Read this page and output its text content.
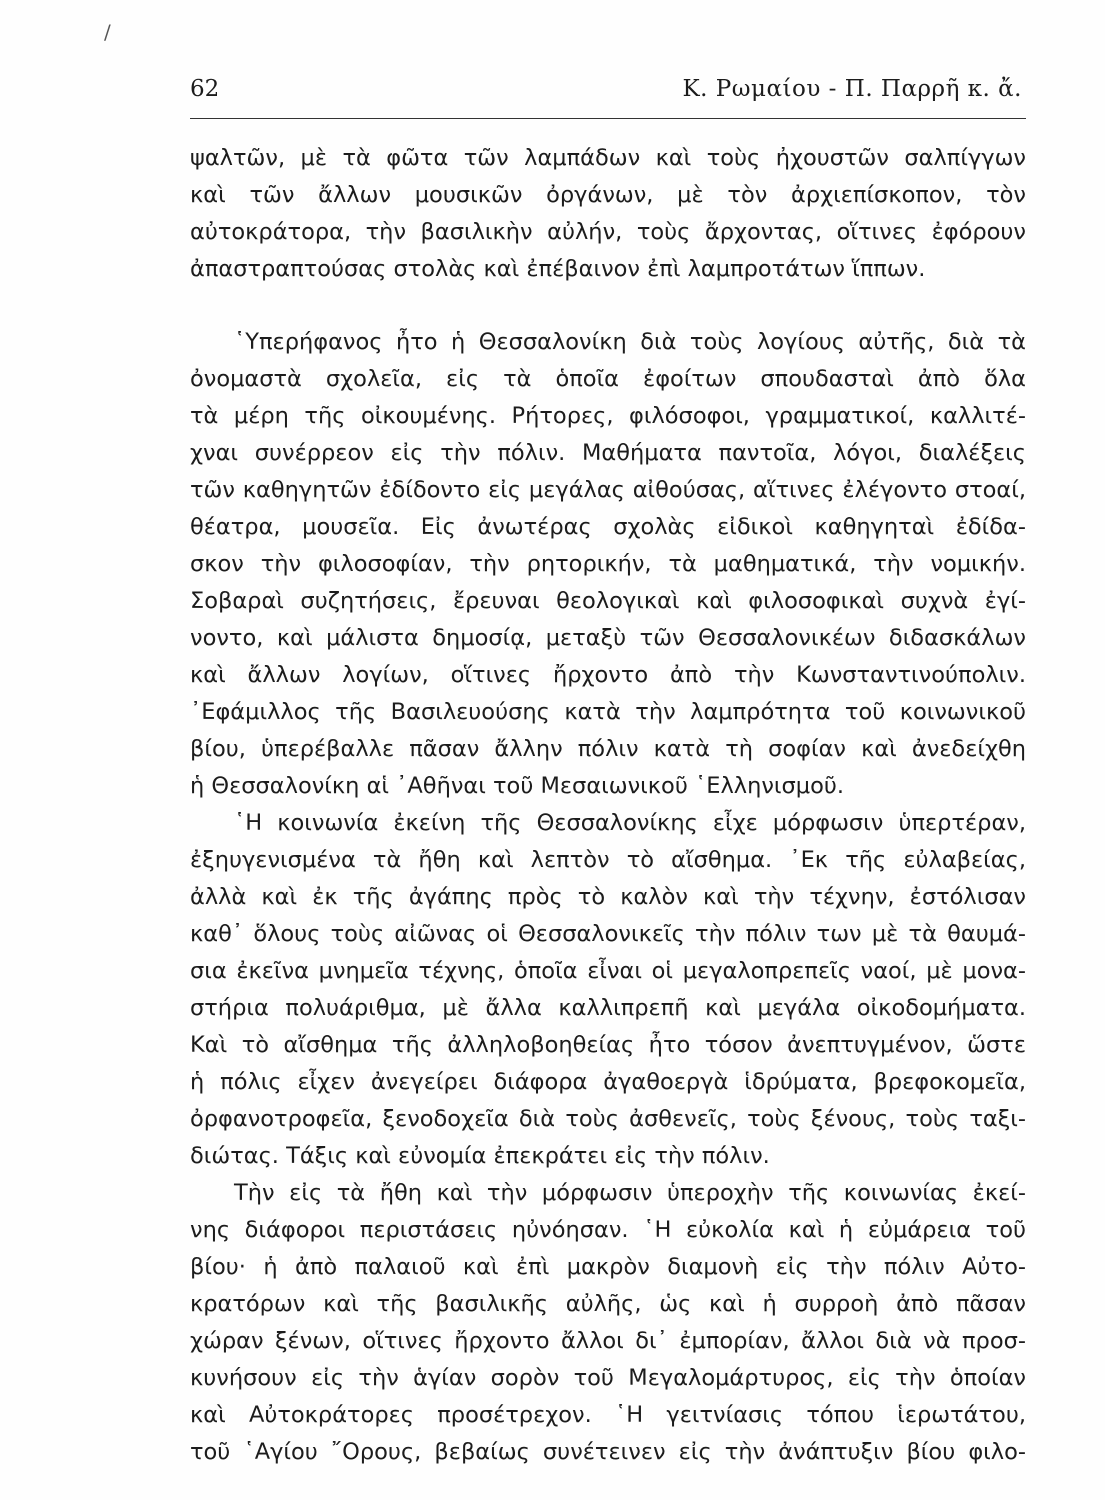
/
62	Κ. Ρωμαίου - Π. Παρρῆ κ. ἄ.
ψαλτῶν, μὲ τὰ φῶτα τῶν λαμπάδων καὶ τοὺς ἠχουστῶν σαλπίγγων
καὶ τῶν ἄλλων μουσικῶν ὀργάνων, μὲ τὸν ἀρχιεπίσκοπον, τὸν
αὐτοκράτορα, τὴν βασιλικὴν αὐλήν, τοὺς ἄρχοντας, οἵτινες ἐφόρουν
ἀπαστραπτούσας στολὰς καὶ ἐπέβαινον ἐπὶ λαμπροτάτων ἵππων.
῾Υπερήφανος ἦτο ἡ Θεσσαλονίκη διὰ τοὺς λογίους αὐτῆς, διὰ τὰ
ὀνομαστὰ σχολεῖα, εἰς τὰ ὁποῖα ἐφοίτων σπουδασταὶ ἀπὸ ὅλα
τὰ μέρη τῆς οἰκουμένης. Ρήτορες, φιλόσοφοι, γραμματικοί, καλλιτέ-
χναι συνέρρεον εἰς τὴν πόλιν. Μαθήματα παντοῖα, λόγοι, διαλέξεις
τῶν καθηγητῶν ἐδίδοντο εἰς μεγάλας αἰθούσας, αἵτινες ἐλέγοντο στοαί,
θέατρα, μουσεῖα. Εἰς ἀνωτέρας σχολὰς εἰδικοὶ καθηγηταὶ ἐδίδα-
σκον τὴν φιλοσοφίαν, τὴν ρητορικήν, τὰ μαθηματικά, τὴν νομικήν.
Σοβαραὶ συζητήσεις, ἔρευναι θεολογικαὶ καὶ φιλοσοφικαὶ συχνὰ ἐγί-
νοντο, καὶ μάλιστα δημοσίᾳ, μεταξὺ τῶν Θεσσαλονικέων διδασκάλων
καὶ ἄλλων λογίων, οἵτινες ἤρχοντο ἀπὸ τὴν Κωνσταντινούπολιν.
᾽Εφάμιλλος τῆς Βασιλευούσης κατὰ τὴν λαμπρότητα τοῦ κοινωνικοῦ
βίου, ὑπερέβαλλε πᾶσαν ἄλλην πόλιν κατὰ τὴ σοφίαν καὶ ἀνεδείχθη
ἡ Θεσσαλονίκη αἱ ᾽Αθῆναι τοῦ Μεσαιωνικοῦ ῾Ελληνισμοῦ.
῾Η κοινωνία ἐκείνη τῆς Θεσσαλονίκης εἶχε μόρφωσιν ὑπερτέραν,
ἐξηυγενισμένα τὰ ἤθη καὶ λεπτὸν τὸ αἴσθημα. ᾽Εκ τῆς εὐλαβείας,
ἀλλὰ καὶ ἐκ τῆς ἀγάπης πρὸς τὸ καλὸν καὶ τὴν τέχνην, ἐστόλισαν
καθ᾽ ὅλους τοὺς αἰῶνας οἱ Θεσσαλονικεῖς τὴν πόλιν των μὲ τὰ θαυμά-
σια ἐκεῖνα μνημεῖα τέχνης, ὁποῖα εἶναι οἱ μεγαλοπρεπεῖς ναοί, μὲ μονα-
στήρια πολυάριθμα, μὲ ἄλλα καλλιπρεπῆ καὶ μεγάλα οἰκοδομήματα.
Καὶ τὸ αἴσθημα τῆς ἀλληλοβοηθείας ἦτο τόσον ἀνεπτυγμένον, ὥστε
ἡ πόλις εἶχεν ἀνεγείρει διάφορα ἀγαθοεργὰ ἱδρύματα, βρεφοκομεῖα,
ὀρφανοτροφεῖα, ξενοδοχεῖα διὰ τοὺς ἀσθενεῖς, τοὺς ξένους, τοὺς ταξι-
διώτας. Τάξις καὶ εὐνομία ἐπεκράτει εἰς τὴν πόλιν.
Τὴν εἰς τὰ ἤθη καὶ τὴν μόρφωσιν ὑπεροχὴν τῆς κοινωνίας ἐκεί-
νης διάφοροι περιστάσεις ηὐνόησαν. ῾Η εὐκολία καὶ ἡ εὐμάρεια τοῦ
βίου· ἡ ἀπὸ παλαιοῦ καὶ ἐπὶ μακρὸν διαμονὴ εἰς τὴν πόλιν Αὐτο-
κρατόρων καὶ τῆς βασιλικῆς αὐλῆς, ὡς καὶ ἡ συρροὴ ἀπὸ πᾶσαν
χώραν ξένων, οἵτινες ἤρχοντο ἄλλοι δι᾽ ἐμπορίαν, ἄλλοι διὰ νὰ προσ-
κυνήσουν εἰς τὴν ἁγίαν σορὸν τοῦ Μεγαλομάρτυρος, εἰς τὴν ὁποίαν
καὶ Αὐτοκράτορες προσέτρεχον. ῾Η γειτνίασις τόπου ἱερωτάτου,
τοῦ ῾Αγίου ῎Ορους, βεβαίως συνέτεινεν εἰς τὴν ἀνάπτυξιν βίου φιλο-
